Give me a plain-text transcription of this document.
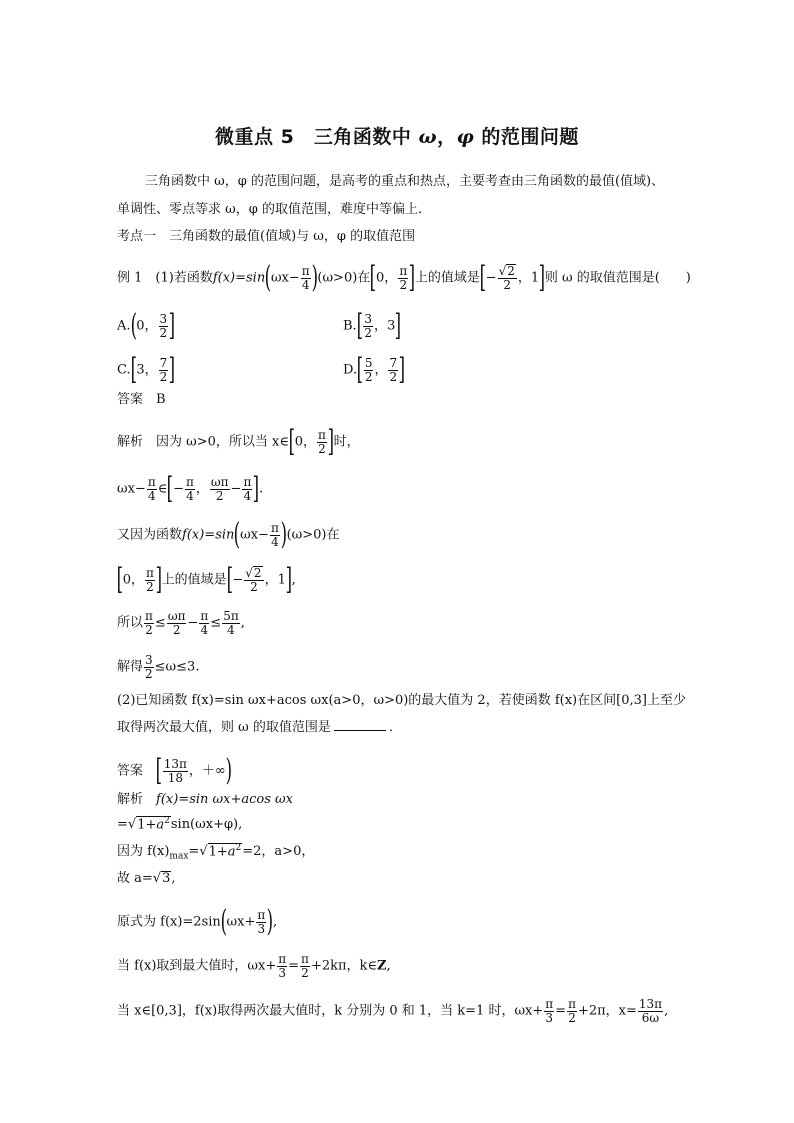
微重点 5　三角函数中 ω，φ 的范围问题
三角函数中 ω，φ 的范围问题，是高考的重点和热点，主要考查由三角函数的最值(值域)、单调性、零点等求 ω，φ 的取值范围，难度中等偏上．
考点一　三角函数的最值(值域)与 ω，φ 的取值范围
例 1　(1)若函数$f(x)=\sin(\omega x- \frac{\pi}{4} )(\omega>0)$在[0， $\frac{\pi}{2}$ ]上的值域是[− $\frac{√2}{2}$ ，1]则 ω 的取值范围是(　　)
A.(0， $\frac{3}{2}$ ]	$B.[ \frac{3}{2}$ ，3]
C.[3， $\frac{7}{2}$ ]	$D.[ \frac{5}{2}$ ， $\frac{7}{2}$ ]
答案　 B
解析　 因为 ω>0，所以当 x∈[0， $\frac{\pi}{2}$ ]时，
$\omega x- \frac{\pi}{4}$ ∈[− $\frac{\pi}{4}$ ， $\frac{\omega\pi}{2} - \frac{\pi}{4}$ ].
又因为函数$f(x)=\sin(\omega x- \frac{\pi}{4} )(\omega>0)$在
[0， $\frac{\pi}{2}$ ]上的值域是[− $\frac{√2}{2}$ ，1],
所以 $\frac{\pi}{2} \le \frac{\omega\pi}{2} - \frac{\pi}{4} \le \frac{5\pi}{4}$ ,
解得 $\frac{3}{2} \le\omega\le 3$.
(2)已知函数 f(x)=sin ωx+acos ωx(a>0，ω>0)的最大值为 2，若使函数 f(x)在区间[0,3]上至少
取得两次最大值，则 ω 的取值范围是	．
答案　 [ $\frac{13\pi}{18}$ ，＋∞)
解析　 f(x)=sin ωx+acos ωx
$=√1+a^2\sin(\omega x+\varphi)$,
因为 $f(x)_{max}=√1+a^2=2$，a>0，
故 a=√3,
原式为 $f(x)=2\sin(\omega x+ \frac{\pi}{3}$ ),
当 f(x)取到最大值时，$\omega x+ \frac{\pi}{3} = \frac{\pi}{2} +2k\pi$，k∈Z,
当 x∈[0,3]，f(x)取得两次最大值时，k 分别为 0 和 1，当 k=1 时，$\omega x+ \frac{\pi}{3} = \frac{\pi}{2} +2\pi$，$x= \frac{13\pi}{6\omega}$ ,
